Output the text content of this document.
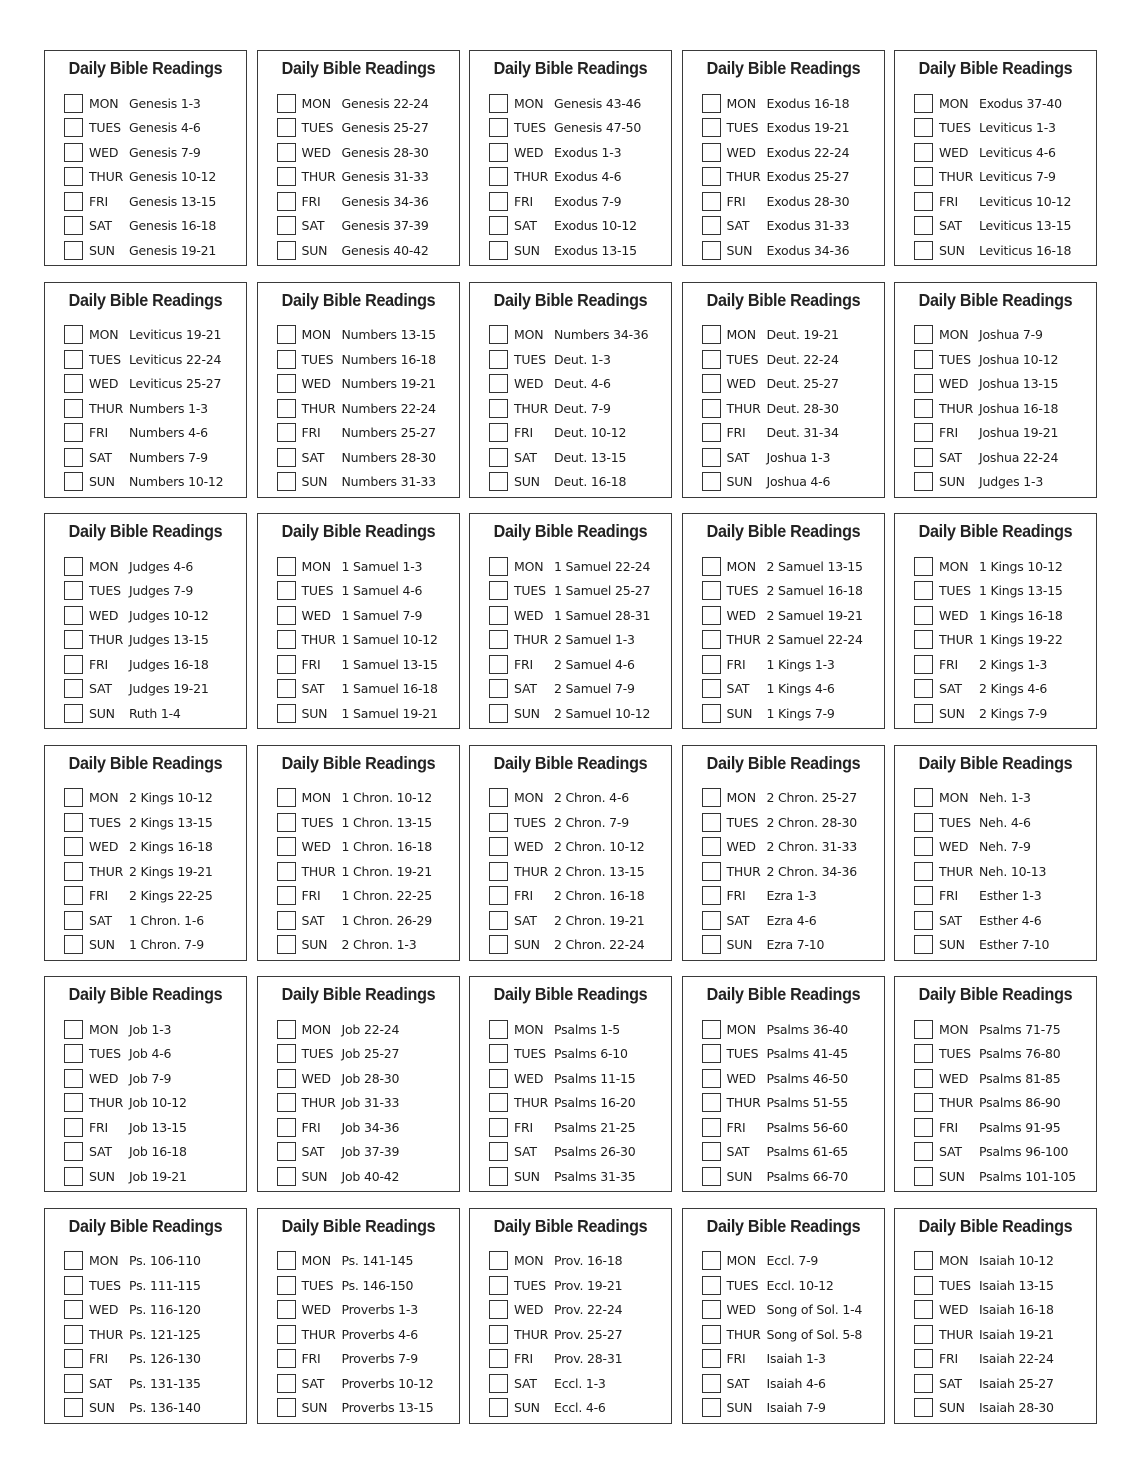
Daily Bible Readings
MON Genesis 1-3
TUES Genesis 4-6
WED Genesis 7-9
THUR Genesis 10-12
FRI	Genesis 13-15
SAT	Genesis 16-18
SUN	Genesis 19-21
Daily Bible Readings
MON Genesis 22-24
TUES Genesis 25-27
WED Genesis 28-30
THUR Genesis 31-33
FRI	Genesis 34-36
SAT	Genesis 37-39
SUN	Genesis 40-42
Daily Bible Readings
MON Genesis 43-46
TUES Genesis 47-50
WED Exodus 1-3
THUR Exodus 4-6
FRI	Exodus 7-9
SAT	Exodus 10-12
SUN	Exodus 13-15
Daily Bible Readings
MON Exodus 16-18
TUES Exodus 19-21
WED Exodus 22-24
THUR Exodus 25-27
FRI	Exodus 28-30
SAT	Exodus 31-33
SUN	Exodus 34-36
Daily Bible Readings
MON Exodus 37-40
TUES Leviticus 1-3
WED Leviticus 4-6
THUR Leviticus 7-9
FRI	Leviticus 10-12
SAT	Leviticus 13-15
SUN	Leviticus 16-18
Daily Bible Readings
MON Leviticus 19-21
TUES Leviticus 22-24
WED Leviticus 25-27
THUR Numbers 1-3
FRI	Numbers 4-6
SAT	Numbers 7-9
SUN	Numbers 10-12
Daily Bible Readings
MON Numbers 13-15
TUES Numbers 16-18
WED Numbers 19-21
THUR Numbers 22-24
FRI	Numbers 25-27
SAT	Numbers 28-30
SUN	Numbers 31-33
Daily Bible Readings
MON Numbers 34-36
TUES Deut. 1-3
WED Deut. 4-6
THUR Deut. 7-9
FRI	Deut. 10-12
SAT	Deut. 13-15
SUN	Deut. 16-18
Daily Bible Readings
MON Deut. 19-21
TUES Deut. 22-24
WED Deut. 25-27
THUR Deut. 28-30
FRI	Deut. 31-34
SAT	Joshua 1-3
SUN	Joshua 4-6
Daily Bible Readings
MON Joshua 7-9
TUES Joshua 10-12
WED Joshua 13-15
THUR Joshua 16-18
FRI	Joshua 19-21
SAT	Joshua 22-24
SUN	Judges 1-3
Daily Bible Readings
MON Judges 4-6
TUES Judges 7-9
WED Judges 10-12
THUR Judges 13-15
FRI	Judges 16-18
SAT	Judges 19-21
SUN	Ruth 1-4
Daily Bible Readings
MON 1 Samuel 1-3
TUES 1 Samuel 4-6
WED 1 Samuel 7-9
THUR 1 Samuel 10-12
FRI	1 Samuel 13-15
SAT	1 Samuel 16-18
SUN	1 Samuel 19-21
Daily Bible Readings
MON 1 Samuel 22-24
TUES 1 Samuel 25-27
WED 1 Samuel 28-31
THUR 2 Samuel 1-3
FRI	2 Samuel 4-6
SAT	2 Samuel 7-9
SUN	2 Samuel 10-12
Daily Bible Readings
MON 2 Samuel 13-15
TUES 2 Samuel 16-18
WED 2 Samuel 19-21
THUR 2 Samuel 22-24
FRI	1 Kings 1-3
SAT	1 Kings 4-6
SUN	1 Kings 7-9
Daily Bible Readings
MON 1 Kings 10-12
TUES 1 Kings 13-15
WED 1 Kings 16-18
THUR 1 Kings 19-22
FRI	2 Kings 1-3
SAT	2 Kings 4-6
SUN	2 Kings 7-9
Daily Bible Readings
MON 2 Kings 10-12
TUES 2 Kings 13-15
WED 2 Kings 16-18
THUR 2 Kings 19-21
FRI	2 Kings 22-25
SAT	1 Chron. 1-6
SUN	1 Chron. 7-9
Daily Bible Readings
MON 1 Chron. 10-12
TUES 1 Chron. 13-15
WED 1 Chron. 16-18
THUR 1 Chron. 19-21
FRI	1 Chron. 22-25
SAT	1 Chron. 26-29
SUN	2 Chron. 1-3
Daily Bible Readings
MON 2 Chron. 4-6
TUES 2 Chron. 7-9
WED 2 Chron. 10-12
THUR 2 Chron. 13-15
FRI	2 Chron. 16-18
SAT	2 Chron. 19-21
SUN	2 Chron. 22-24
Daily Bible Readings
MON 2 Chron. 25-27
TUES 2 Chron. 28-30
WED 2 Chron. 31-33
THUR 2 Chron. 34-36
FRI	Ezra 1-3
SAT	Ezra 4-6
SUN	Ezra 7-10
Daily Bible Readings
MON Neh. 1-3
TUES Neh. 4-6
WED Neh. 7-9
THUR Neh. 10-13
FRI	Esther 1-3
SAT	Esther 4-6
SUN	Esther 7-10
Daily Bible Readings
MON Job 1-3
TUES Job 4-6
WED Job 7-9
THUR Job 10-12
FRI	Job 13-15
SAT	Job 16-18
SUN	Job 19-21
Daily Bible Readings
MON Job 22-24
TUES Job 25-27
WED Job 28-30
THUR Job 31-33
FRI	Job 34-36
SAT	Job 37-39
SUN	Job 40-42
Daily Bible Readings
MON Psalms 1-5
TUES Psalms 6-10
WED Psalms 11-15
THUR Psalms 16-20
FRI	Psalms 21-25
SAT	Psalms 26-30
SUN	Psalms 31-35
Daily Bible Readings
MON Psalms 36-40
TUES Psalms 41-45
WED Psalms 46-50
THUR Psalms 51-55
FRI	Psalms 56-60
SAT	Psalms 61-65
SUN	Psalms 66-70
Daily Bible Readings
MON Psalms 71-75
TUES Psalms 76-80
WED Psalms 81-85
THUR Psalms 86-90
FRI	Psalms 91-95
SAT	Psalms 96-100
SUN	Psalms 101-105
Daily Bible Readings
MON Ps. 106-110
TUES Ps. 111-115
WED Ps. 116-120
THUR Ps. 121-125
FRI	Ps. 126-130
SAT	Ps. 131-135
SUN	Ps. 136-140
Daily Bible Readings
MON Ps. 141-145
TUES Ps. 146-150
WED Proverbs 1-3
THUR Proverbs 4-6
FRI	Proverbs 7-9
SAT	Proverbs 10-12
SUN	Proverbs 13-15
Daily Bible Readings
MON Prov. 16-18
TUES Prov. 19-21
WED Prov. 22-24
THUR Prov. 25-27
FRI	Prov. 28-31
SAT	Eccl. 1-3
SUN	Eccl. 4-6
Daily Bible Readings
MON Eccl. 7-9
TUES Eccl. 10-12
WED Song of Sol. 1-4
THUR Song of Sol. 5-8
FRI	Isaiah 1-3
SAT	Isaiah 4-6
SUN	Isaiah 7-9
Daily Bible Readings
MON Isaiah 10-12
TUES Isaiah 13-15
WED Isaiah 16-18
THUR Isaiah 19-21
FRI	Isaiah 22-24
SAT	Isaiah 25-27
SUN	Isaiah 28-30
